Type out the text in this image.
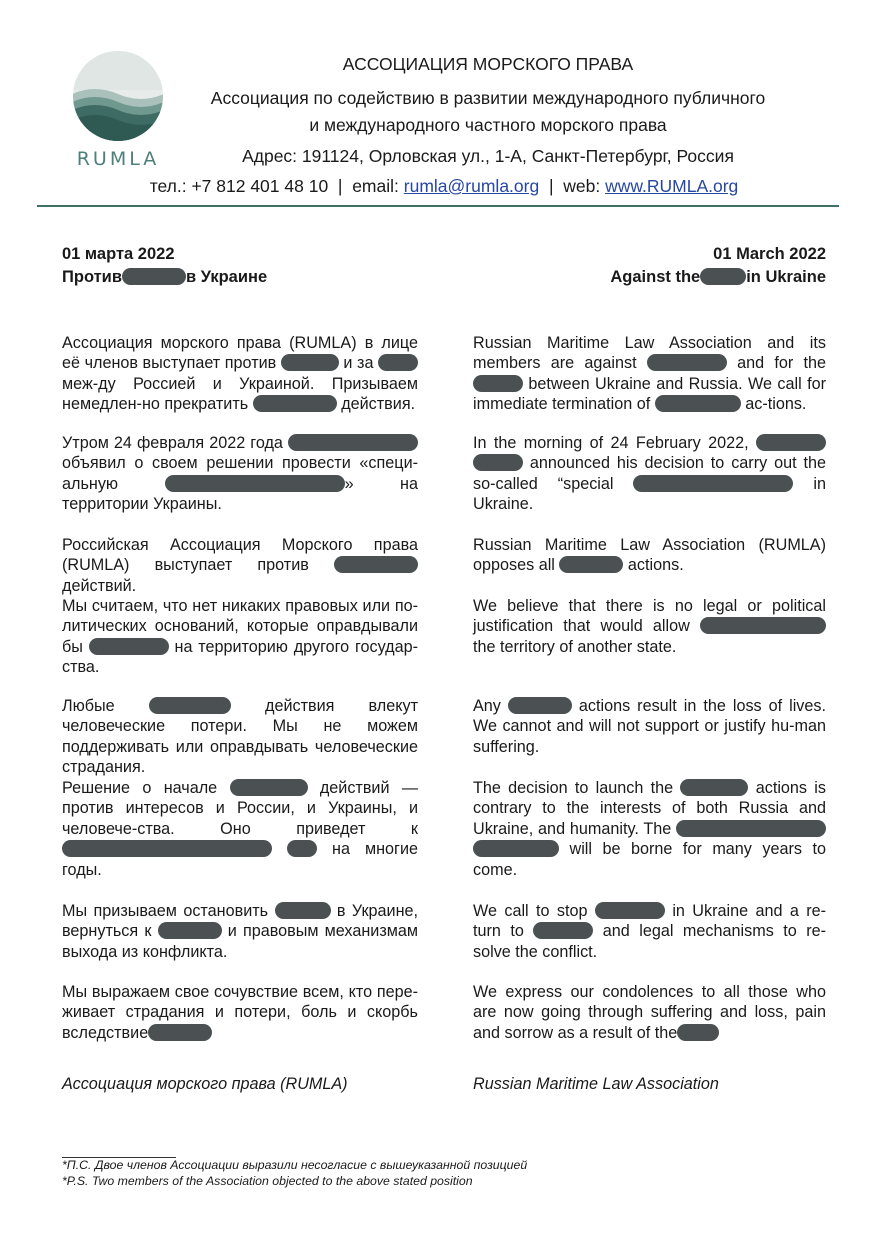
RUMLA
АССОЦИАЦИЯ МОРСКОГО ПРАВА
Ассоциация по содействию в развитии международного публичного
и международного частного морского права
Адрес: 191124, Орловская ул., 1-А, Санкт-Петербург, Россия
тел.: +7 812 401 48 10 | email: rumla@rumla.org | web: www.RUMLA.org
01 марта 2022
Против	в Украине
Ассоциация морского права (RUMLA) в лице её членов выступает против	и за  меж-ду Россией и Украиной. Призываем немедлен-но прекратить	действия.
Утром 24 февраля 2022 года  объявил о своем решении провести «специ-альную	» на территории Украины.
Российская Ассоциация Морского права (RUMLA) выступает против  действий.
Мы считаем, что нет никаких правовых или по-литических оснований, которые оправдывали бы	на территорию другого государ-ства.
Любые	действия влекут человеческие потери. Мы не можем поддерживать или оправдывать человеческие страдания.
Решение о начале	действий — против интересов и России, и Украины, и человече-ства. Оно приведет к   на многие годы.
Мы призываем остановить	в Украине, вернуться к	и правовым механизмам выхода из конфликта.
Мы выражаем свое сочувствие всем, кто пере-живает страдания и потери, боль и скорбь вследствие
01 March 2022
Against the	in Ukraine
Russian Maritime Law Association and its members are against	and for the  between Ukraine and Russia. We call for immediate termination of	ac-tions.
In the morning of 24 February 2022,   announced his decision to carry out the so-called “special	in Ukraine.
Russian Maritime Law Association (RUMLA) opposes all	actions.
We believe that there is no legal or political justification that would allow  the territory of another state.
Any	actions result in the loss of lives. We cannot and will not support or justify hu-man suffering.
The decision to launch the	actions is contrary to the interests of both Russia and Ukraine, and humanity. The   will be borne for many years to come.
We call to stop	in Ukraine and a re-turn to	and legal mechanisms to re-solve the conflict.
We express our condolences to all those who are now going through suffering and loss, pain and sorrow as a result of the
Ассоциация морского права (RUMLA)	Russian Maritime Law Association
*П.С. Двое членов Ассоциации выразили несогласие с вышеуказанной позицией
*P.S. Two members of the Association objected to the above stated position
